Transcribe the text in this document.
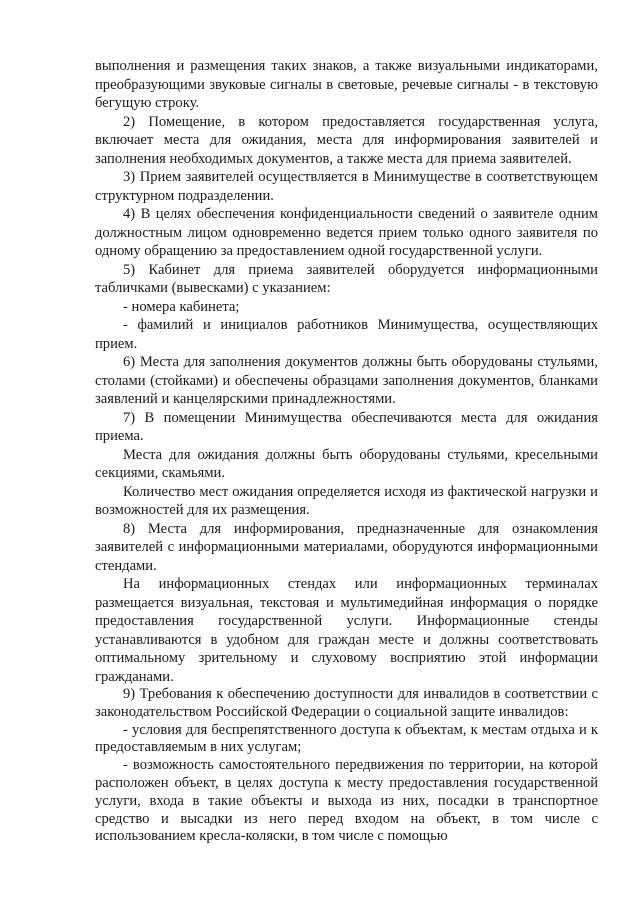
выполнения и размещения таких знаков, а также визуальными индикаторами, преобразующими звуковые сигналы в световые, речевые сигналы - в текстовую бегущую строку.

2) Помещение, в котором предоставляется государственная услуга, включает места для ожидания, места для информирования заявителей и заполнения необходимых документов, а также места для приема заявителей.

3) Прием заявителей осуществляется в Минимуществе в соответствующем структурном подразделении.

4) В целях обеспечения конфиденциальности сведений о заявителе одним должностным лицом одновременно ведется прием только одного заявителя по одному обращению за предоставлением одной государственной услуги.

5) Кабинет для приема заявителей оборудуется информационными табличками (вывесками) с указанием:

- номера кабинета;

- фамилий и инициалов работников Минимущества, осуществляющих прием.

6) Места для заполнения документов должны быть оборудованы стульями, столами (стойками) и обеспечены образцами заполнения документов, бланками заявлений и канцелярскими принадлежностями.

7) В помещении Минимущества обеспечиваются места для ожидания приема.

Места для ожидания должны быть оборудованы стульями, кресельными секциями, скамьями.

Количество мест ожидания определяется исходя из фактической нагрузки и возможностей для их размещения.

8) Места для информирования, предназначенные для ознакомления заявителей с информационными материалами, оборудуются информационными стендами.

На информационных стендах или информационных терминалах размещается визуальная, текстовая и мультимедийная информация о порядке предоставления государственной услуги. Информационные стенды устанавливаются в удобном для граждан месте и должны соответствовать оптимальному зрительному и слуховому восприятию этой информации гражданами.

9) Требования к обеспечению доступности для инвалидов в соответствии с законодательством Российской Федерации о социальной защите инвалидов:

- условия для беспрепятственного доступа к объектам, к местам отдыха и к предоставляемым в них услугам;

- возможность самостоятельного передвижения по территории, на которой расположен объект, в целях доступа к месту предоставления государственной услуги, входа в такие объекты и выхода из них, посадки в транспортное средство и высадки из него перед входом на объект, в том числе с использованием кресла-коляски, в том числе с помощью
